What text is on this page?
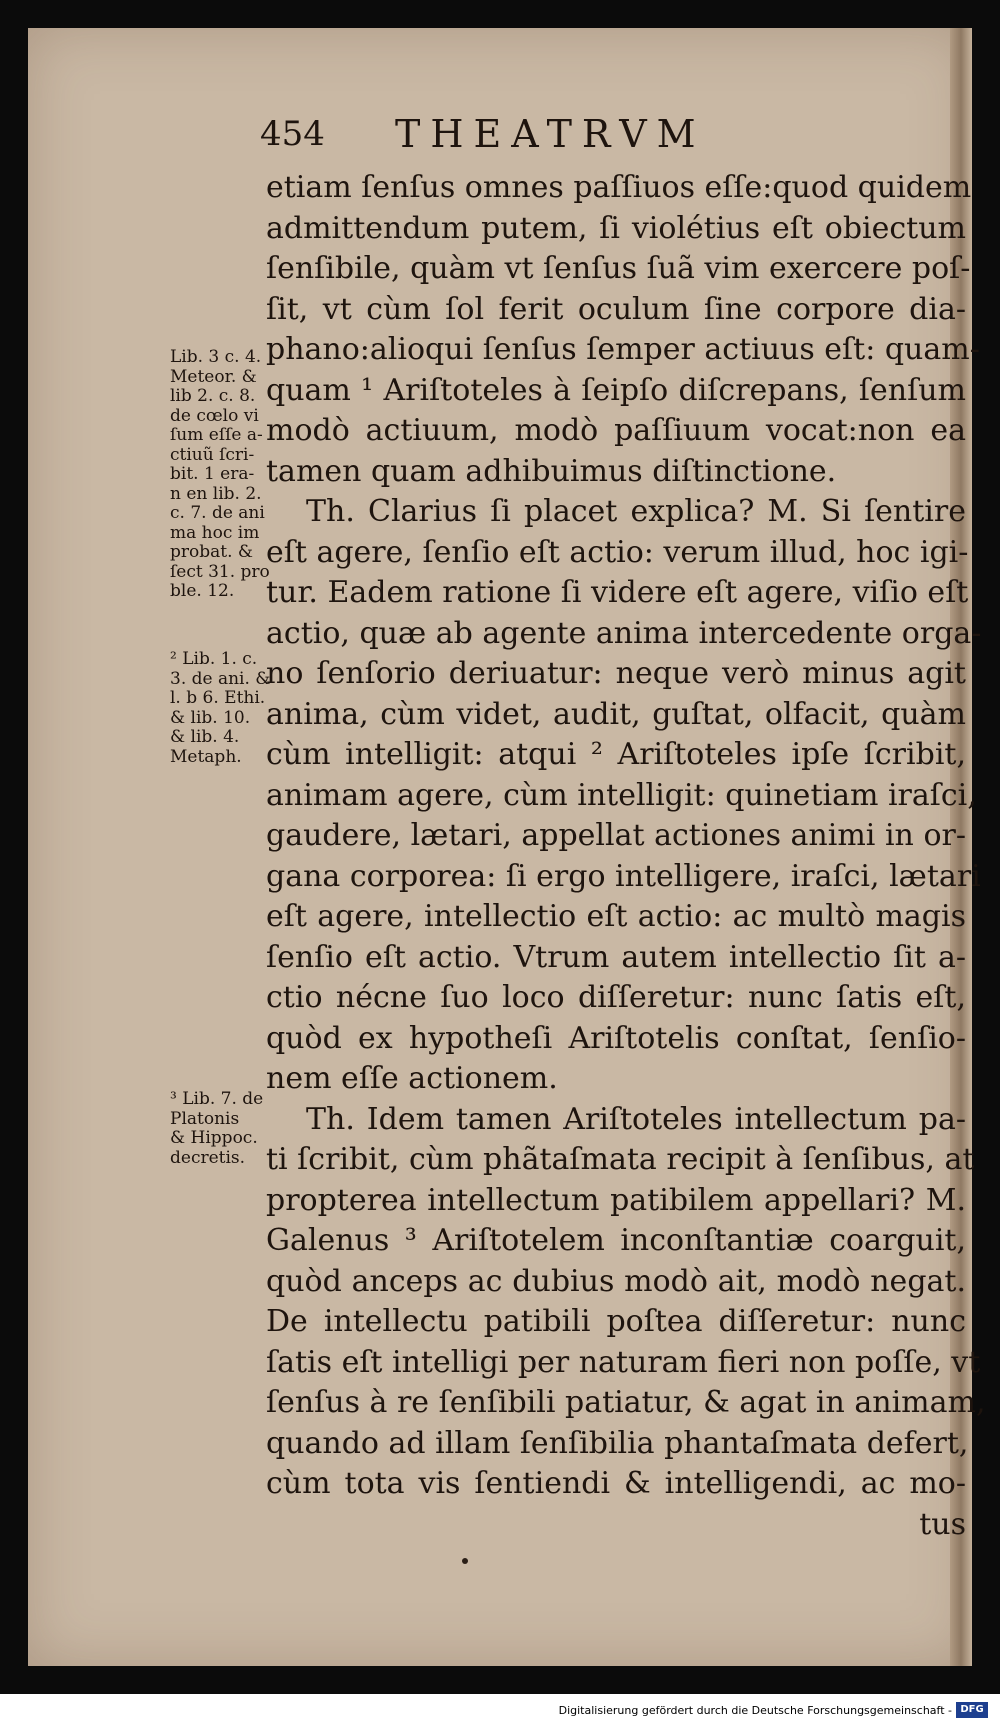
454 THEATRVM
etiam ſenſus omnes paſſiuos eſſe:quod quidem
admittendum putem, ſi violétius eſt obiectum
ſenſibile, quàm vt ſenſus ſuã vim exercere poſ-
ſit, vt cùm ſol ferit oculum ſine corpore dia-
phano:alioqui ſenſus ſemper actiuus eſt: quam-
quam ¹ Ariſtoteles à ſeipſo diſcrepans, ſenſum
modò actiuum, modò paſſiuum vocat:non ea
tamen quam adhibuimus diſtinctione.
Th. Clarius ſi placet explica? M. Si ſentire
eſt agere, ſenſio eſt actio: verum illud, hoc igi-
tur. Eadem ratione ſi videre eſt agere, viſio eſt
actio, quæ ab agente anima intercedente orga-
no ſenſorio deriuatur: neque verò minus agit
anima, cùm videt, audit, guſtat, olfacit, quàm
cùm intelligit: atqui ² Ariſtoteles ipſe ſcribit,
animam agere, cùm intelligit: quinetiam iraſci,
gaudere, lætari, appellat actiones animi in or-
gana corporea: ſi ergo intelligere, iraſci, lætari
eſt agere, intellectio eſt actio: ac multò magis
ſenſio eſt actio. Vtrum autem intellectio ſit a-
ctio nécne ſuo loco diſſeretur: nunc ſatis eſt,
quòd ex hypotheſi Ariſtotelis conſtat, ſenſio-
nem eſſe actionem.
Th. Idem tamen Ariſtoteles intellectum pa-
ti ſcribit, cùm phãtaſmata recipit à ſenſibus, at
propterea intellectum patibilem appellari? M.
Galenus ³ Ariſtotelem inconſtantiæ coarguit,
quòd anceps ac dubius modò ait, modò negat.
De intellectu patibili poſtea diſſeretur: nunc
ſatis eſt intelligi per naturam fieri non poſſe, vt
ſenſus à re ſenſibili patiatur, & agat in animam,
quando ad illam ſenſibilia phantaſmata defert,
cùm tota vis ſentiendi & intelligendi, ac mo-
tus
Lib. 3 c. 4.
Meteor. &
lib 2. c. 8.
de cœlo vi
ſum eſſe a-
ctiuũ ſcri-
bit. 1 era-
n en lib. 2.
c. 7. de ani
ma hoc im
probat. &
ſect 31. pro
ble. 12.
² Lib. 1. c.
3. de ani. &
l. b 6. Ethi.
& lib. 10.
& lib. 4.
Metaph.
³ Lib. 7. de
Platonis
& Hippoc.
decretis.
Digitalisierung gefördert durch die Deutsche Forschungsgemeinschaft - DFG
